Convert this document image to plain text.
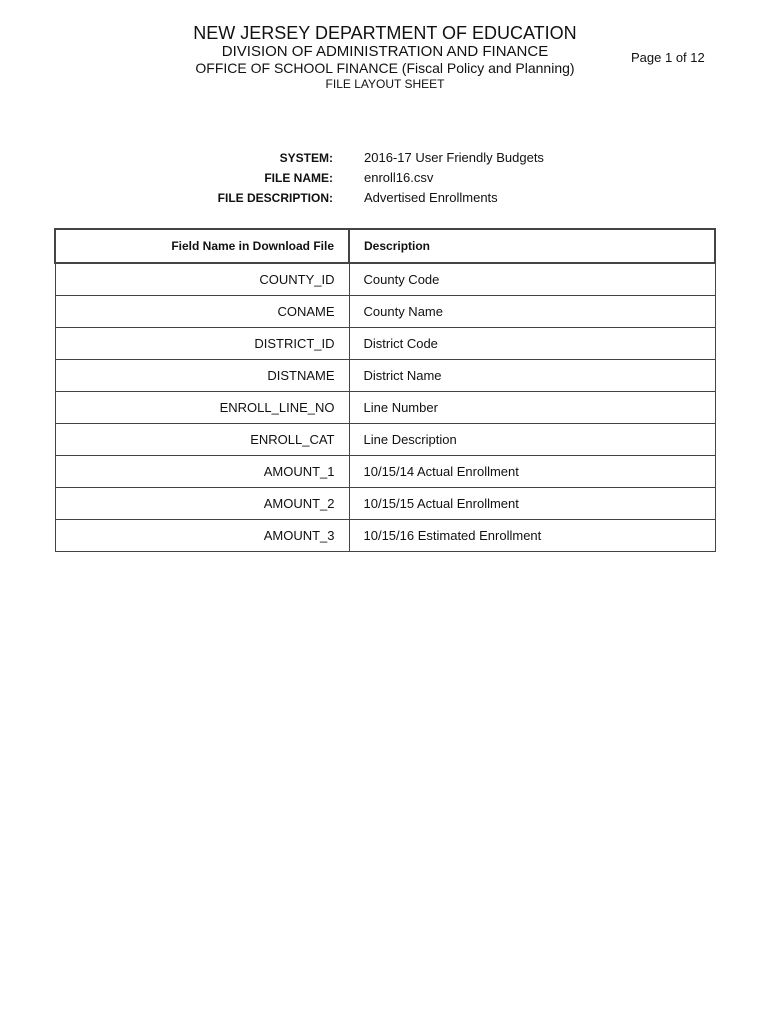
NEW JERSEY DEPARTMENT OF EDUCATION
DIVISION OF ADMINISTRATION AND FINANCE
OFFICE OF SCHOOL FINANCE (Fiscal Policy and Planning)
FILE LAYOUT SHEET
Page 1 of 12
SYSTEM: 2016-17 User Friendly Budgets
FILE NAME: enroll16.csv
FILE DESCRIPTION: Advertised Enrollments
Field Name in Download File	Description
COUNTY_ID	County Code
CONAME	County Name
DISTRICT_ID	District Code
DISTNAME	District Name
ENROLL_LINE_NO	Line Number
ENROLL_CAT	Line Description
AMOUNT_1	10/15/14 Actual Enrollment
AMOUNT_2	10/15/15 Actual Enrollment
AMOUNT_3	10/15/16 Estimated Enrollment
